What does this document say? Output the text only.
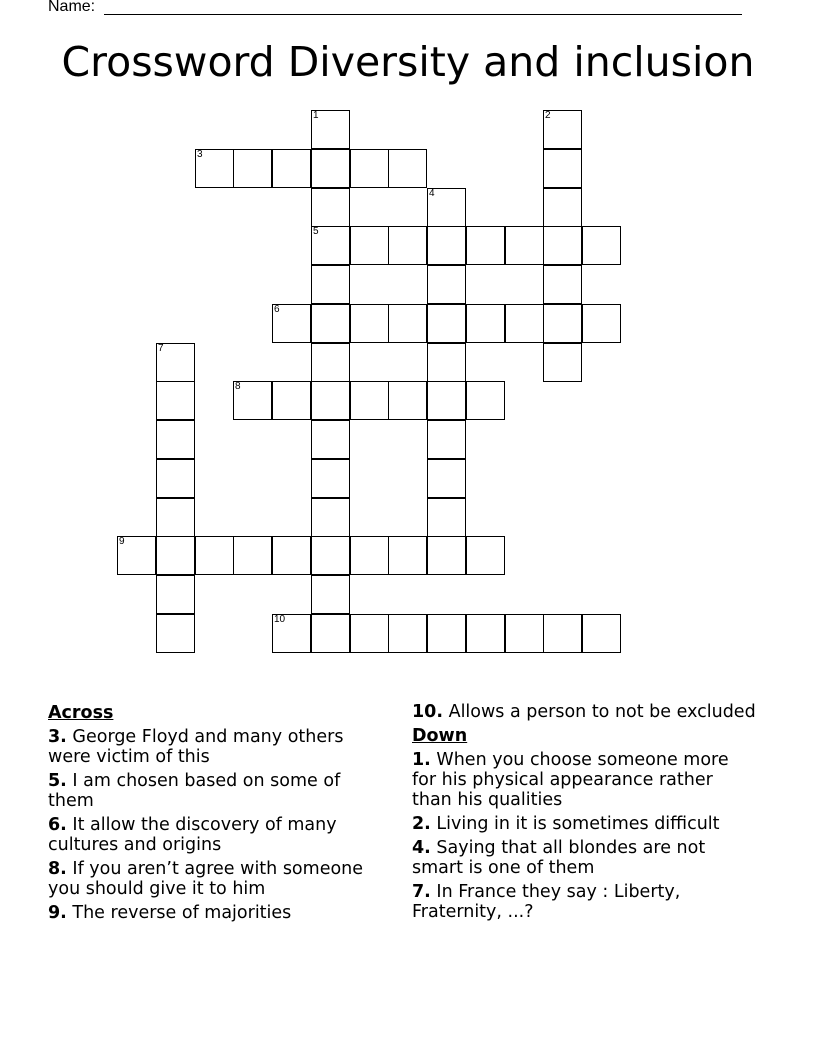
Name:
Crossword Diversity and inclusion
1	2
3
4
5
6
7
8
9
10
Across
3. George Floyd and many others were victim of this
5. I am chosen based on some of them
6. It allow the discovery of many cultures and origins
8. If you aren’t agree with someone you should give it to him
9. The reverse of majorities
10. Allows a person to not be excluded
Down
1. When you choose someone more for his physical appearance rather than his qualities
2. Living in it is sometimes difficult
4. Saying that all blondes are not smart is one of them
7. In France they say : Liberty, Fraternity, ...?
